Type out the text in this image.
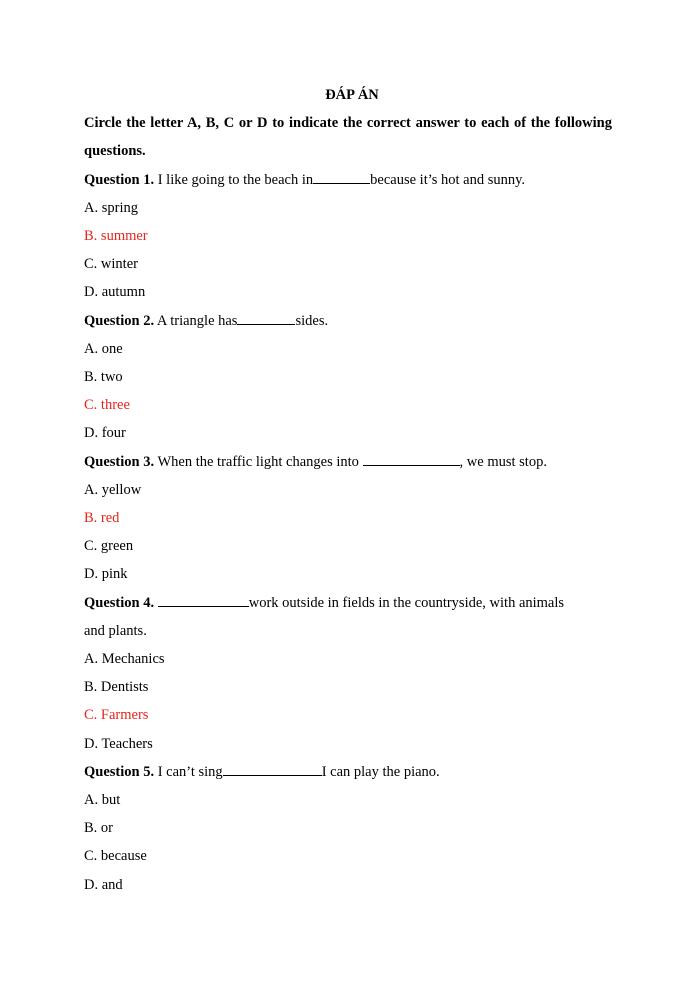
ĐÁP ÁN
Circle the letter A, B, C or D to indicate the correct answer to each of the following questions.
Question 1. I like going to the beach in	because it’s hot and sunny.
A. spring
B. summer
C. winter
D. autumn
Question 2. A triangle has	sides.
A. one
B. two
C. three
D. four
Question 3. When the traffic light changes into	, we must stop.
A. yellow
B. red
C. green
D. pink
Question 4.	work outside in fields in the countryside, with animals
and plants.
A. Mechanics
B. Dentists
C. Farmers
D. Teachers
Question 5. I can’t sing	I can play the piano.
A. but
B. or
C. because
D. and
